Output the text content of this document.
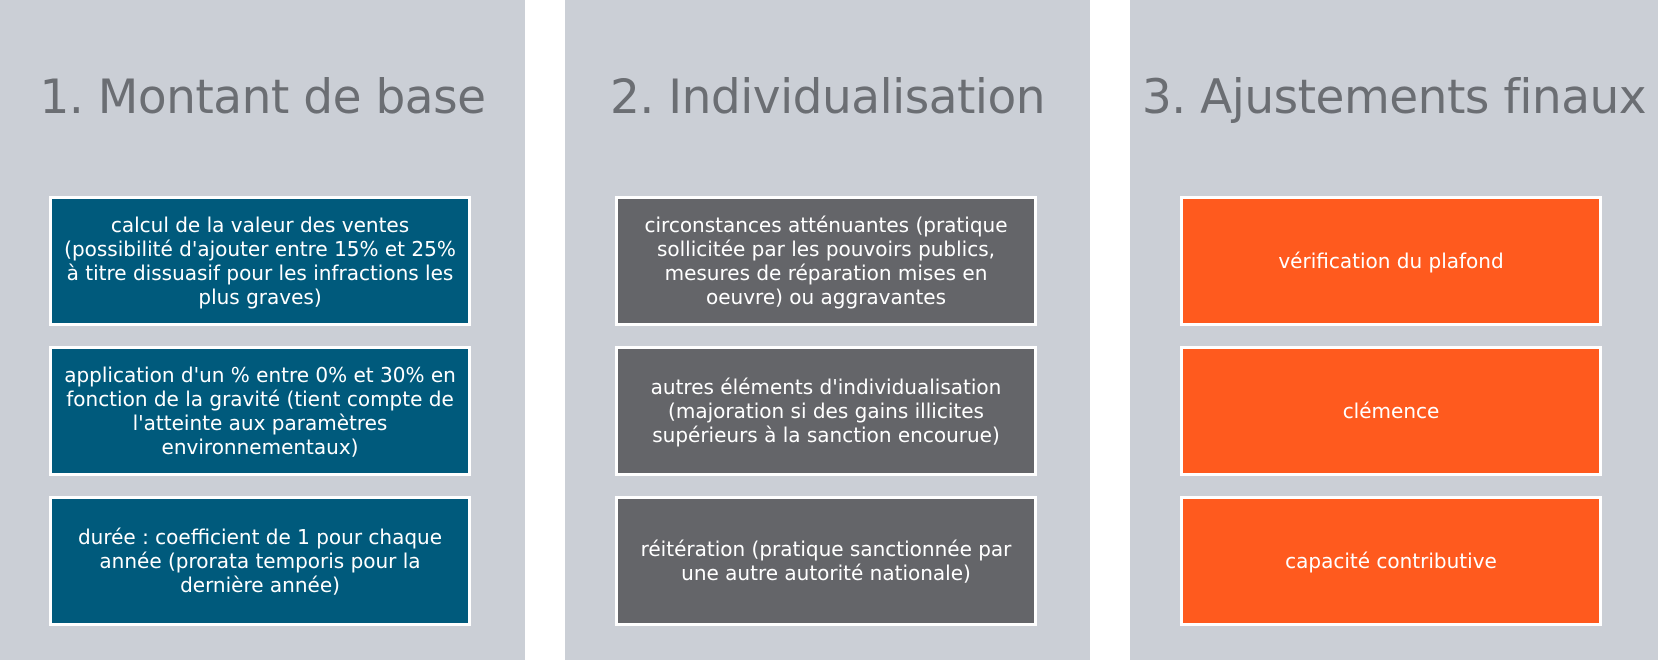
1. Montant de base
calcul de la valeur des ventes (possibilité d'ajouter entre 15% et 25% à titre dissuasif pour les infractions les plus graves)
application d'un % entre 0% et 30% en fonction de la gravité (tient compte de l'atteinte aux paramètres environnementaux)
durée : coefficient de 1 pour chaque année (prorata temporis pour la dernière année)
2. Individualisation
circonstances atténuantes (pratique sollicitée par les pouvoirs publics, mesures de réparation mises en oeuvre) ou aggravantes
autres éléments d'individualisation (majoration si des gains illicites supérieurs à la sanction encourue)
réitération (pratique sanctionnée par une autre autorité nationale)
3. Ajustements finaux
vérification du plafond
clémence
capacité contributive
